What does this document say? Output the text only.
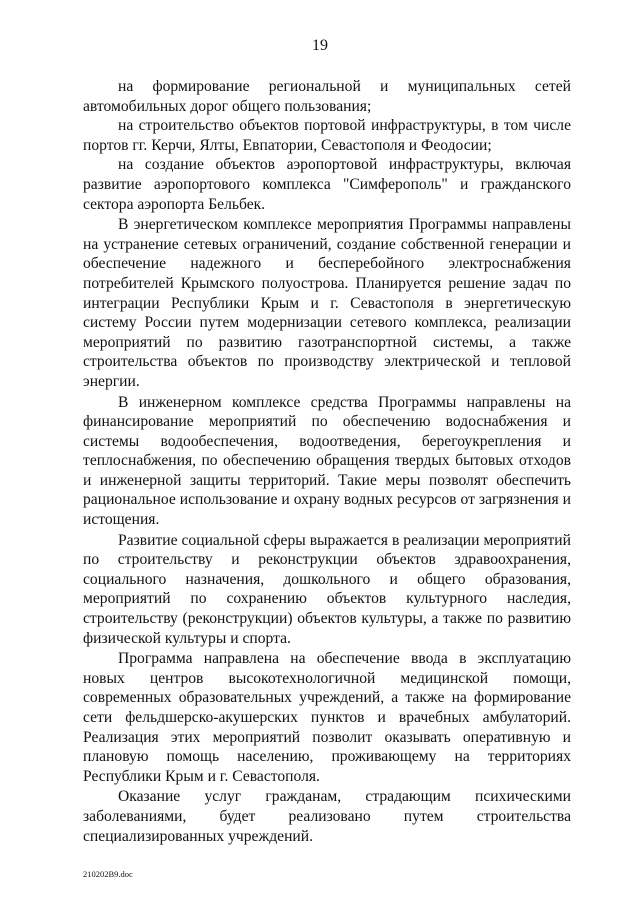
19

на формирование региональной и муниципальных сетей автомобильных дорог общего пользования;

на строительство объектов портовой инфраструктуры, в том числе портов гг. Керчи, Ялты, Евпатории, Севастополя и Феодосии;

на создание объектов аэропортовой инфраструктуры, включая развитие аэропортового комплекса "Симферополь" и гражданского сектора аэропорта Бельбек.

В энергетическом комплексе мероприятия Программы направлены на устранение сетевых ограничений, создание собственной генерации и обеспечение надежного и бесперебойного электроснабжения потребителей Крымского полуострова. Планируется решение задач по интеграции Республики Крым и г. Севастополя в энергетическую систему России путем модернизации сетевого комплекса, реализации мероприятий по развитию газотранспортной системы, а также строительства объектов по производству электрической и тепловой энергии.

В инженерном комплексе средства Программы направлены на финансирование мероприятий по обеспечению водоснабжения и системы водообеспечения, водоотведения, берегоукрепления и теплоснабжения, по обеспечению обращения твердых бытовых отходов и инженерной защиты территорий. Такие меры позволят обеспечить рациональное использование и охрану водных ресурсов от загрязнения и истощения.

Развитие социальной сферы выражается в реализации мероприятий по строительству и реконструкции объектов здравоохранения, социального назначения, дошкольного и общего образования, мероприятий по сохранению объектов культурного наследия, строительству (реконструкции) объектов культуры, а также по развитию физической культуры и спорта.

Программа направлена на обеспечение ввода в эксплуатацию новых центров высокотехнологичной медицинской помощи, современных образовательных учреждений, а также на формирование сети фельдшерско-акушерских пунктов и врачебных амбулаторий. Реализация этих мероприятий позволит оказывать оперативную и плановую помощь населению, проживающему на территориях Республики Крым и г. Севастополя.

Оказание услуг гражданам, страдающим психическими заболеваниями, будет реализовано путем строительства специализированных учреждений.

210202В9.doc
